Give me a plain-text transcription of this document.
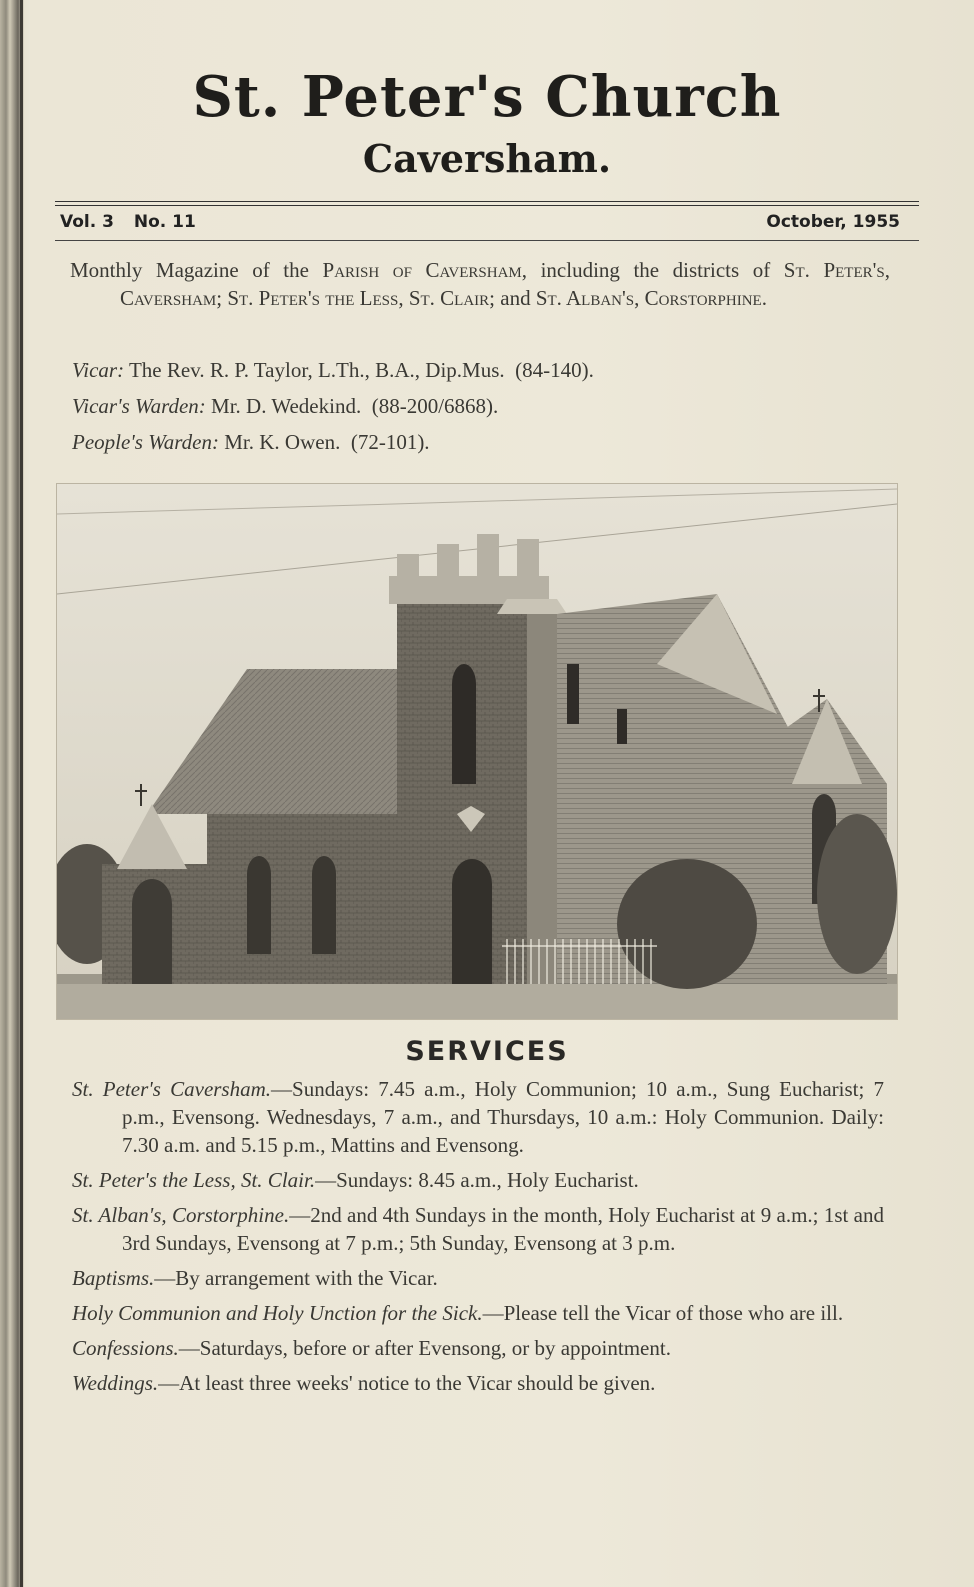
St. Peter's Church
Caversham.
Vol. 3 No. 11	October, 1955

Monthly Magazine of the Parish of Caversham, including the districts of St. Peter's, Caversham; St. Peter's the Less, St. Clair; and St. Alban's, Corstorphine.

Vicar: The Rev. R. P. Taylor, L.Th., B.A., Dip.Mus. (84-140).
Vicar's Warden: Mr. D. Wedekind. (88-200/6868).
People's Warden: Mr. K. Owen. (72-101).
SERVICES

St. Peter's Caversham.—Sundays: 7.45 a.m., Holy Communion; 10 a.m., Sung Eucharist; 7 p.m., Evensong. Wednesdays, 7 a.m., and Thursdays, 10 a.m.: Holy Communion. Daily: 7.30 a.m. and 5.15 p.m., Mattins and Evensong.

St. Peter's the Less, St. Clair.—Sundays: 8.45 a.m., Holy Eucharist.

St. Alban's, Corstorphine.—2nd and 4th Sundays in the month, Holy Eucharist at 9 a.m.; 1st and 3rd Sundays, Evensong at 7 p.m.; 5th Sunday, Evensong at 3 p.m.

Baptisms.—By arrangement with the Vicar.

Holy Communion and Holy Unction for the Sick.—Please tell the Vicar of those who are ill.

Confessions.—Saturdays, before or after Evensong, or by appointment.

Weddings.—At least three weeks' notice to the Vicar should be given.
